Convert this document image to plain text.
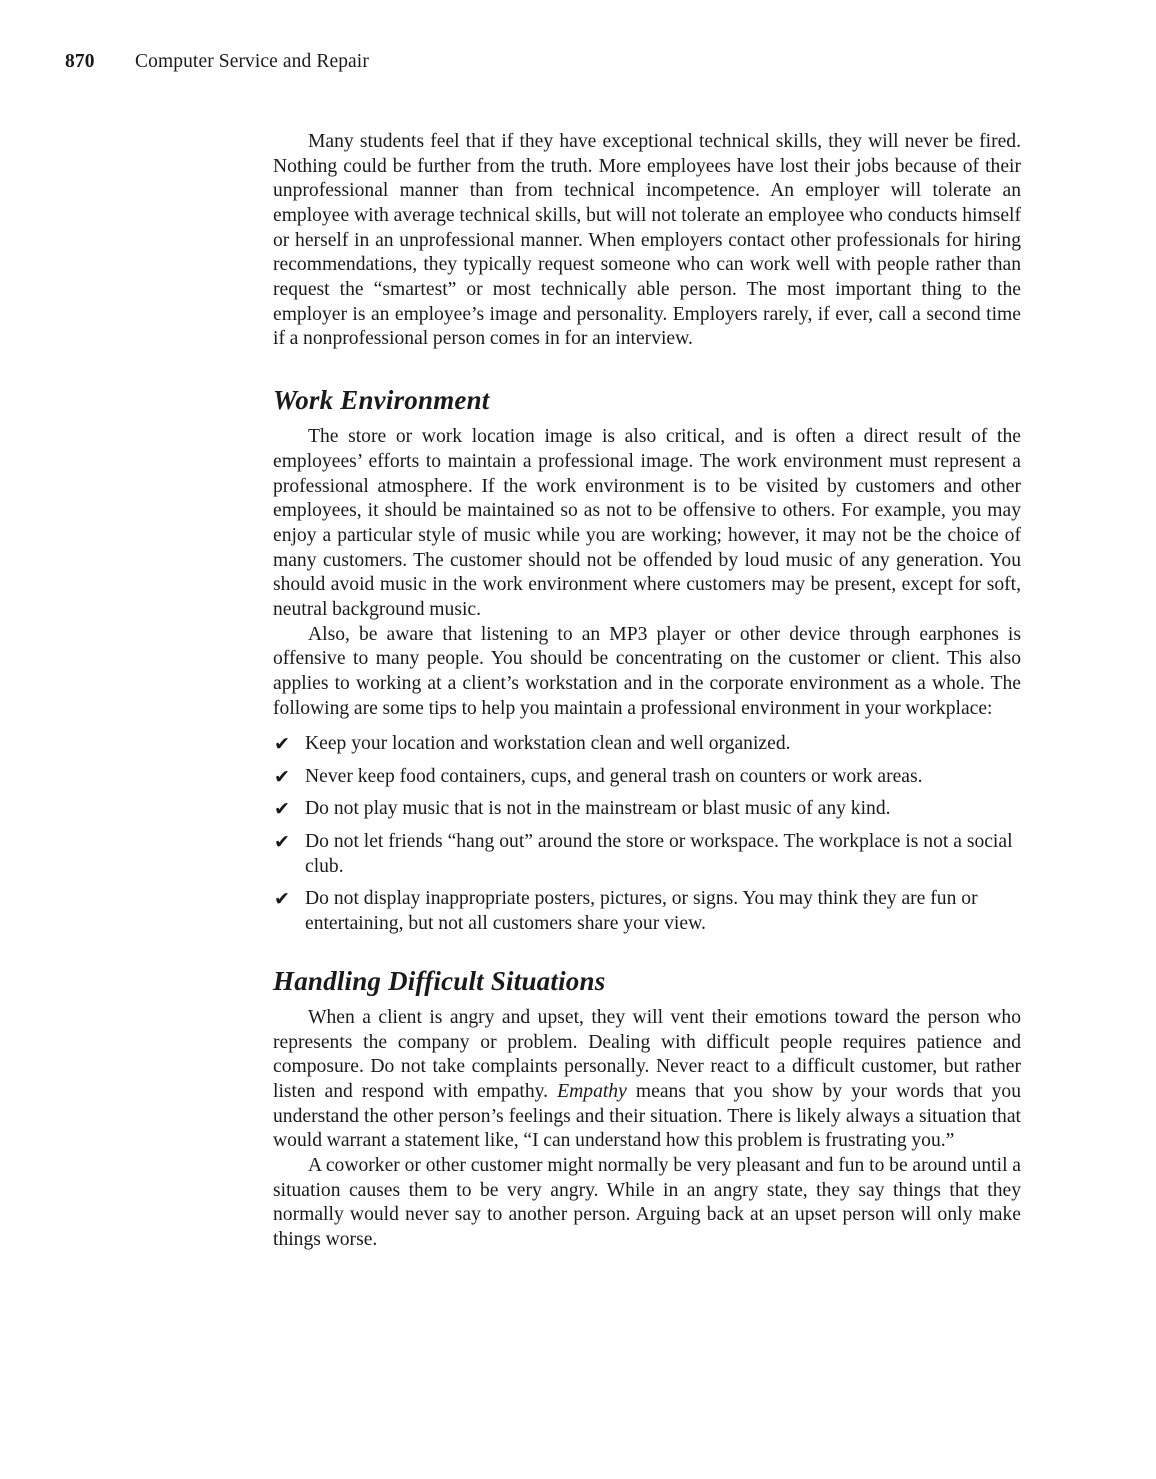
870	Computer Service and Repair

Many students feel that if they have exceptional technical skills, they will never be fired. Nothing could be further from the truth. More employees have lost their jobs because of their unprofessional manner than from technical incompetence. An employer will tolerate an employee with average technical skills, but will not tolerate an employee who conducts himself or herself in an unprofessional manner. When employers contact other professionals for hiring recommendations, they typically request someone who can work well with people rather than request the “smartest” or most technically able person. The most important thing to the employer is an employee’s image and personality. Employers rarely, if ever, call a second time if a nonprofessional person comes in for an interview.

Work Environment

The store or work location image is also critical, and is often a direct result of the employees’ efforts to maintain a professional image. The work environment must represent a professional atmosphere. If the work environment is to be visited by customers and other employees, it should be maintained so as not to be offensive to others. For example, you may enjoy a particular style of music while you are working; however, it may not be the choice of many customers. The customer should not be offended by loud music of any generation. You should avoid music in the work environment where customers may be present, except for soft, neutral background music.

Also, be aware that listening to an MP3 player or other device through earphones is offensive to many people. You should be concentrating on the customer or client. This also applies to working at a client’s workstation and in the corporate environment as a whole. The following are some tips to help you maintain a professional environment in your workplace:

✔ Keep your location and workstation clean and well organized.
✔ Never keep food containers, cups, and general trash on counters or work areas.
✔ Do not play music that is not in the mainstream or blast music of any kind.
✔ Do not let friends “hang out” around the store or workspace. The workplace is not a social club.
✔ Do not display inappropriate posters, pictures, or signs. You may think they are fun or entertaining, but not all customers share your view.
Handling Difficult Situations

When a client is angry and upset, they will vent their emotions toward the person who represents the company or problem. Dealing with difficult people requires patience and composure. Do not take complaints personally. Never react to a difficult customer, but rather listen and respond with empathy. Empathy means that you show by your words that you understand the other person’s feelings and their situation. There is likely always a situation that would warrant a statement like, “I can understand how this problem is frustrating you.”

A coworker or other customer might normally be very pleasant and fun to be around until a situation causes them to be very angry. While in an angry state, they say things that they normally would never say to another person. Arguing back at an upset person will only make things worse.
